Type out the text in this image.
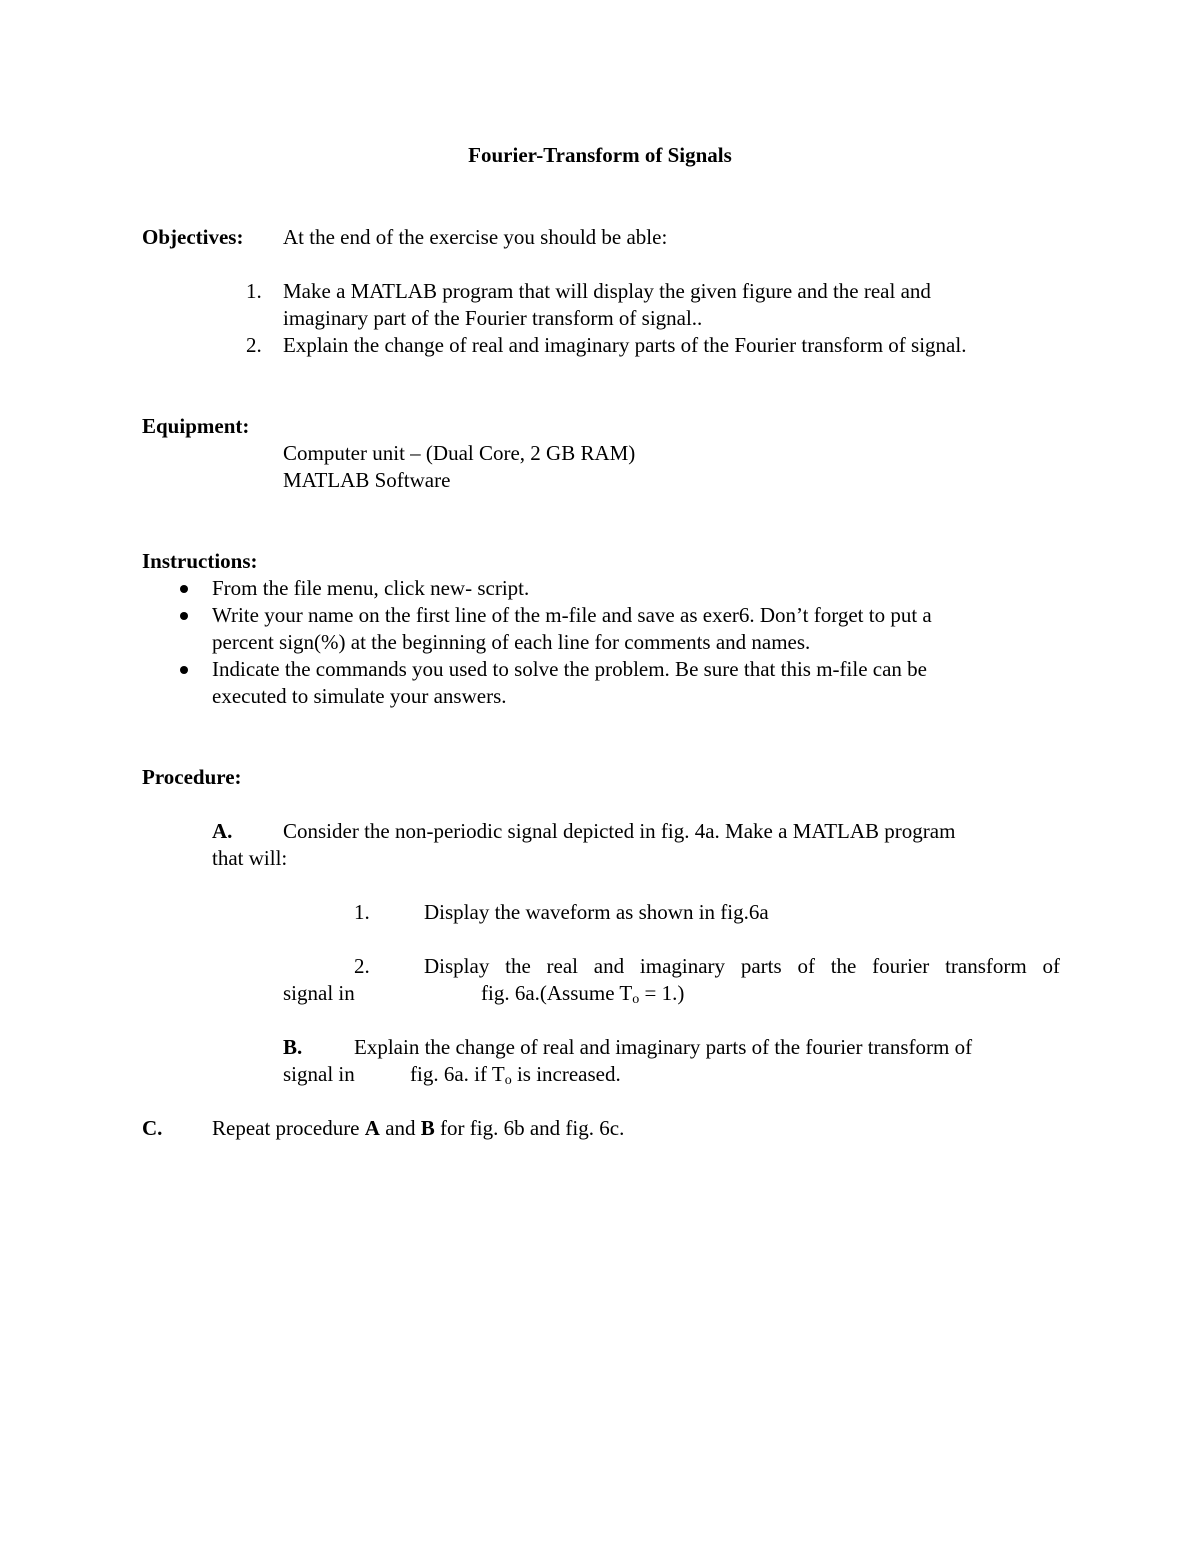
Fourier-Transform of Signals
Objectives: At the end of the exercise you should be able:
1. Make a MATLAB program that will display the given figure and the real and
imaginary part of the Fourier transform of signal..
2. Explain the change of real and imaginary parts of the Fourier transform of signal.
Equipment:
Computer unit – (Dual Core, 2 GB RAM)
MATLAB Software
Instructions:
From the file menu, click new- script.
Write your name on the first line of the m-file and save as exer6. Don’t forget to put a
percent sign(%) at the beginning of each line for comments and names.
Indicate the commands you used to solve the problem. Be sure that this m-file can be
executed to simulate your answers.
Procedure:
A. Consider the non-periodic signal depicted in fig. 4a. Make a MATLAB program
that will:
1.	Display the waveform as shown in fig.6a
2.	Display the real and imaginary parts of the fourier transform of
signal in	fig. 6a.(Assume $T_o = 1$.)
B. Explain the change of real and imaginary parts of the fourier transform of
signal in	fig. 6a. if $T_o$ is increased.
C. Repeat procedure A and B for fig. 6b and fig. 6c.
